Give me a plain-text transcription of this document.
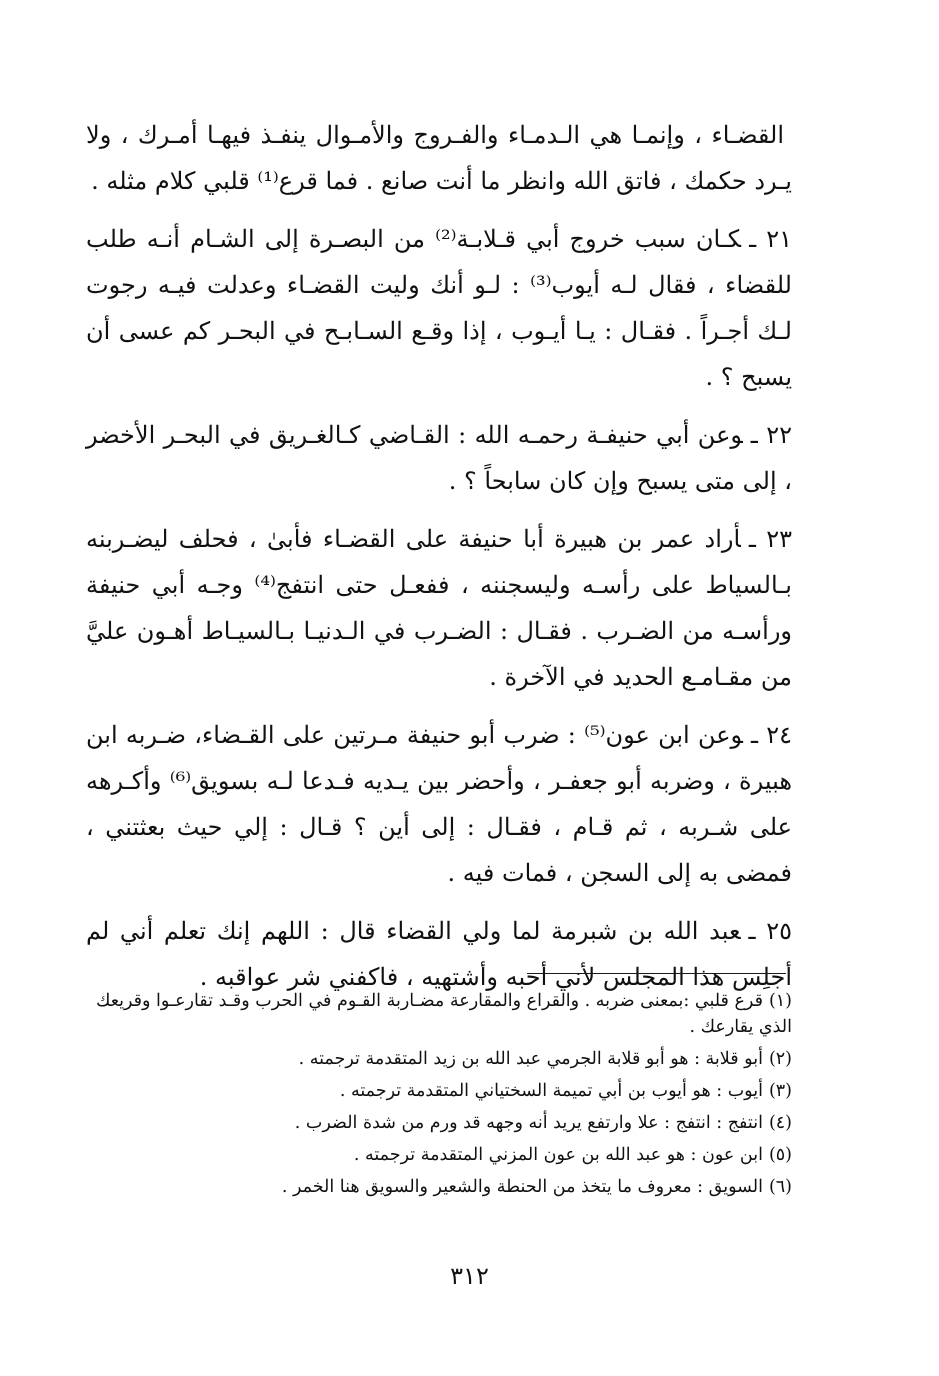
القضـاء ، وإنمـا هي الـدمـاء والفـروج والأمـوال ينفـذ فيهـا أمـرك ، ولا يـرد حكمك ، فاتق الله وانظر ما أنت صانع . فما قرع⁽¹⁾ قلبي كلام مثله .

٢١ ـكـان سبب خروج أبي قـلابـة⁽²⁾ من البصـرة إلى الشـام أنـه طلب للقضاء ، فقال لـه أيوب⁽³⁾ : لـو أنك وليت القضـاء وعدلت فيـه رجوت لـك أجـراً . فقـال : يـا أيـوب ، إذا وقـع السـابـح في البحـر كم عسى أن يسبح ؟ .

٢٢ ـوعن أبي حنيفـة رحمـه الله : القـاضي كـالغـريق في البحـر الأخضر ، إلى متى يسبح وإن كان سابحاً ؟ .

٢٣ ـأراد عمر بن هبيرة أبا حنيفة على القضـاء فأبىٰ ، فحلف ليضـربنه بـالسياط على رأسـه وليسجننه ، ففعـل حتى انتفج⁽⁴⁾ وجـه أبي حنيفة ورأسـه من الضـرب . فقـال : الضـرب في الـدنيـا بـالسيـاط أهـون عليَّ من مقـامـع الحديد في الآخرة .

٢٤ ـوعن ابن عون⁽⁵⁾ : ضرب أبو حنيفة مـرتين على القـضاء، ضـربه ابن هبيرة ، وضربه أبو جعفـر ، وأحضر بين يـديه فـدعا لـه بسويق⁽⁶⁾ وأكـرهه على شـربه ، ثم قـام ، فقـال : إلى أين ؟ قـال : إلي حيث بعثتني ، فمضى به إلى السجن ، فمات فيه .

٢٥ ـعبد الله بن شبرمة لما ولي القضاء قال : اللهم إنك تعلم أني لم أجلِس هذا المجلس لأني أحبه وأشتهيه ، فاكفني شر عواقبه .

(١)قرع قلبي :بمعنى ضربه . والقراع والمقارعة مضـاربة القـوم في الحرب وقـد تقارعـوا وقريعك الذي يقارعك .

(٢)أبو قلابة : هو أبو قلابة الجرمي عبد الله بن زيد المتقدمة ترجمته .

(٣)أيوب : هو أيوب بن أبي تميمة السختياني المتقدمة ترجمته .

(٤)انتفج : انتفج : علا وارتفع يريد أنه وجهه قد ورم من شدة الضرب .

(٥)ابن عون : هو عبد الله بن عون المزني المتقدمة ترجمته .

(٦)السويق : معروف ما يتخذ من الحنطة والشعير والسويق هنا الخمر .

٣١٢
